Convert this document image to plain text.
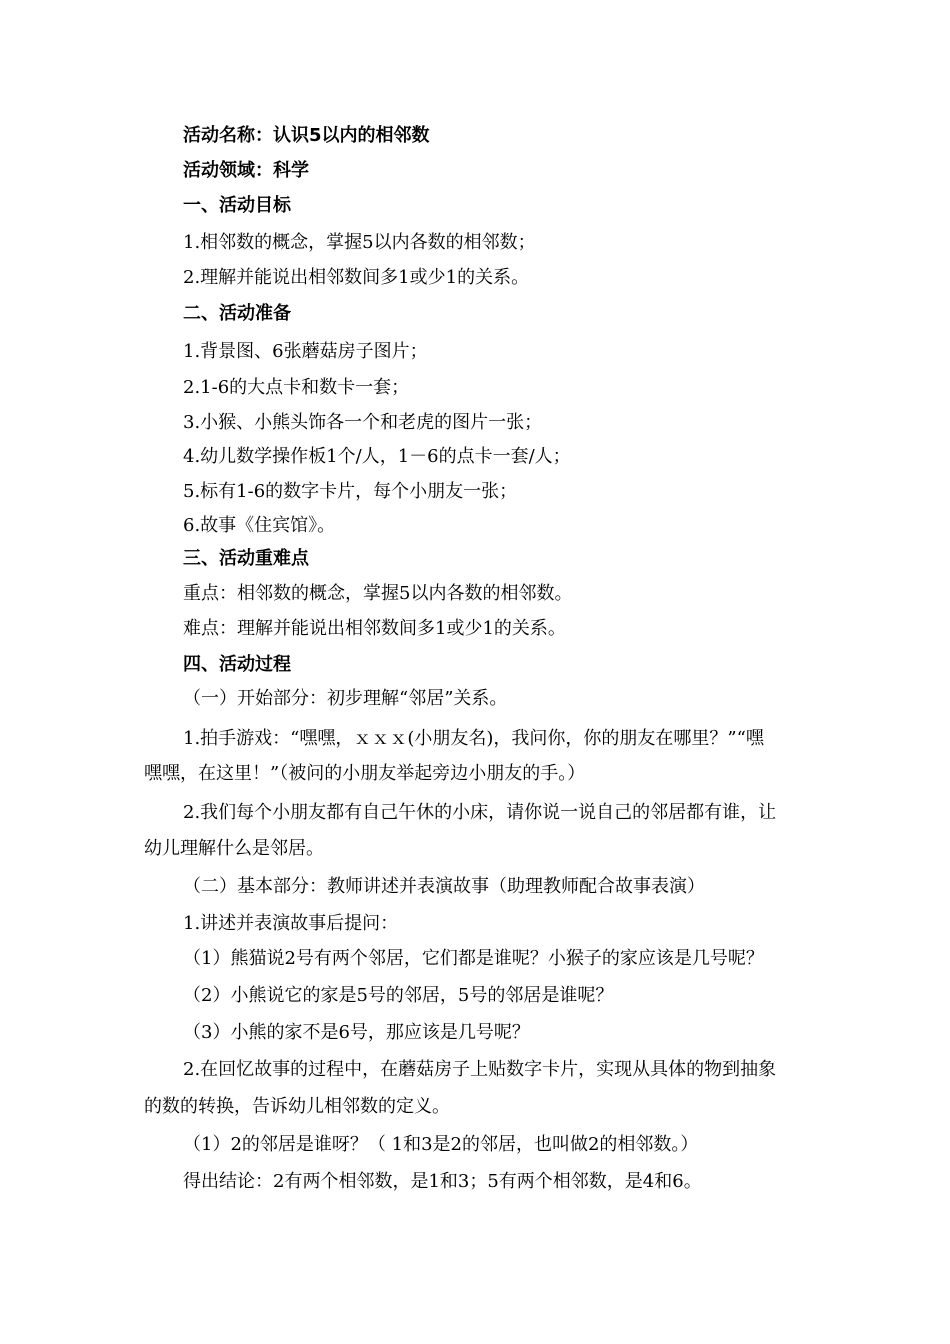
活动名称：认识5以内的相邻数
活动领域：科学
一、活动目标
1.相邻数的概念，掌握5以内各数的相邻数；
2.理解并能说出相邻数间多1或少1的关系。
二、活动准备
1.背景图、6张蘑菇房子图片；
2.1-6的大点卡和数卡一套；
3.小猴、小熊头饰各一个和老虎的图片一张；
4.幼儿数学操作板1个/人，1－6的点卡一套/人；
5.标有1-6的数字卡片，每个小朋友一张；
6.故事《住宾馆》。
三、活动重难点
重点：相邻数的概念，掌握5以内各数的相邻数。
难点：理解并能说出相邻数间多1或少1的关系。
四、活动过程
（一）开始部分：初步理解“邻居”关系。
1.拍手游戏：“嘿嘿，ｘｘｘ(小朋友名)，我问你，你的朋友在哪里？”“嘿
嘿嘿，在这里！”（被问的小朋友举起旁边小朋友的手。）
2.我们每个小朋友都有自己午休的小床，请你说一说自己的邻居都有谁，让
幼儿理解什么是邻居。
（二）基本部分：教师讲述并表演故事（助理教师配合故事表演）
1.讲述并表演故事后提问：
（1）熊猫说2号有两个邻居，它们都是谁呢？小猴子的家应该是几号呢？
（2）小熊说它的家是5号的邻居，5号的邻居是谁呢？
（3）小熊的家不是6号，那应该是几号呢？
2.在回忆故事的过程中，在蘑菇房子上贴数字卡片，实现从具体的物到抽象
的数的转换，告诉幼儿相邻数的定义。
（1）2的邻居是谁呀？（ 1和3是2的邻居，也叫做2的相邻数。）
得出结论：2有两个相邻数，是1和3；5有两个相邻数，是4和6。
